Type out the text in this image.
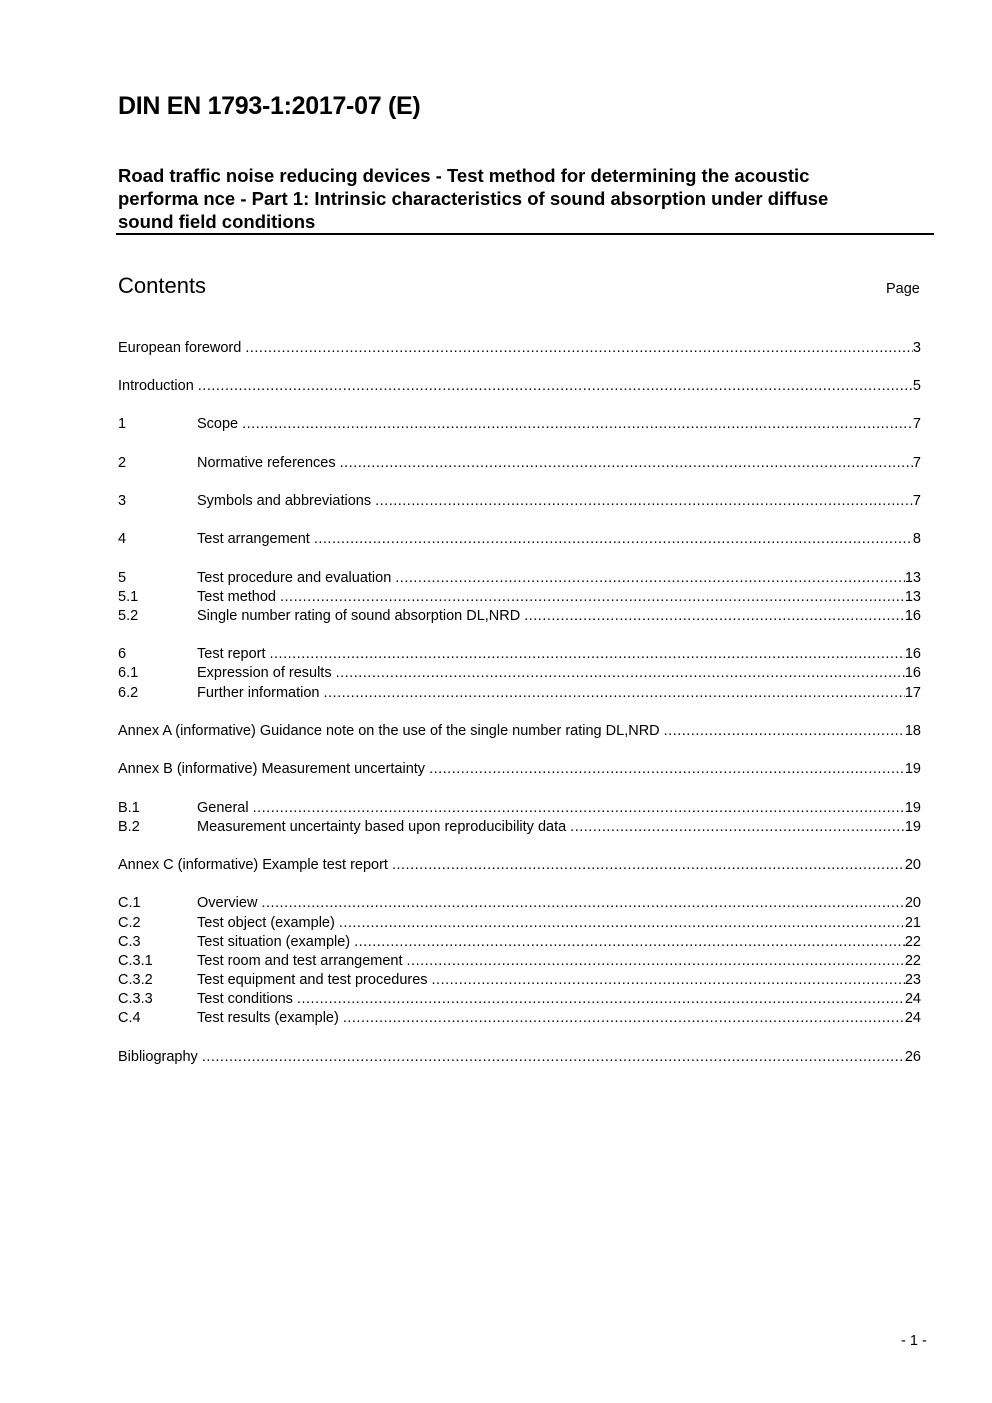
DIN EN 1793-1:2017-07 (E)
Road traffic noise reducing devices - Test method for determining the acoustic
performa nce - Part 1: Intrinsic characteristics of sound absorption under diffuse
sound field conditions
Contents	Page
European foreword .....	3
Introduction .....	5
1	Scope .....	7
2	Normative references .....	7
3	Symbols and abbreviations .....	7
4	Test arrangement .....	8
5	Test procedure and evaluation .....	13
5.1	Test method .....	13
5.2	Single number rating of sound absorption DL,NRD .....	16
6	Test report .....	16
6.1	Expression of results .....	16
6.2	Further information .....	17
Annex A (informative) Guidance note on the use of the single number rating DL,NRD .....	18
Annex B (informative) Measurement uncertainty .....	19
B.1	General .....	19
B.2	Measurement uncertainty based upon reproducibility data .....	19
Annex C (informative) Example test report .....	20
C.1	Overview .....	20
C.2	Test object (example) .....	21
C.3	Test situation (example) .....	22
C.3.1	Test room and test arrangement .....	22
C.3.2	Test equipment and test procedures .....	23
C.3.3	Test conditions .....	24
C.4	Test results (example) .....	24
Bibliography .....	26
- 1 -
